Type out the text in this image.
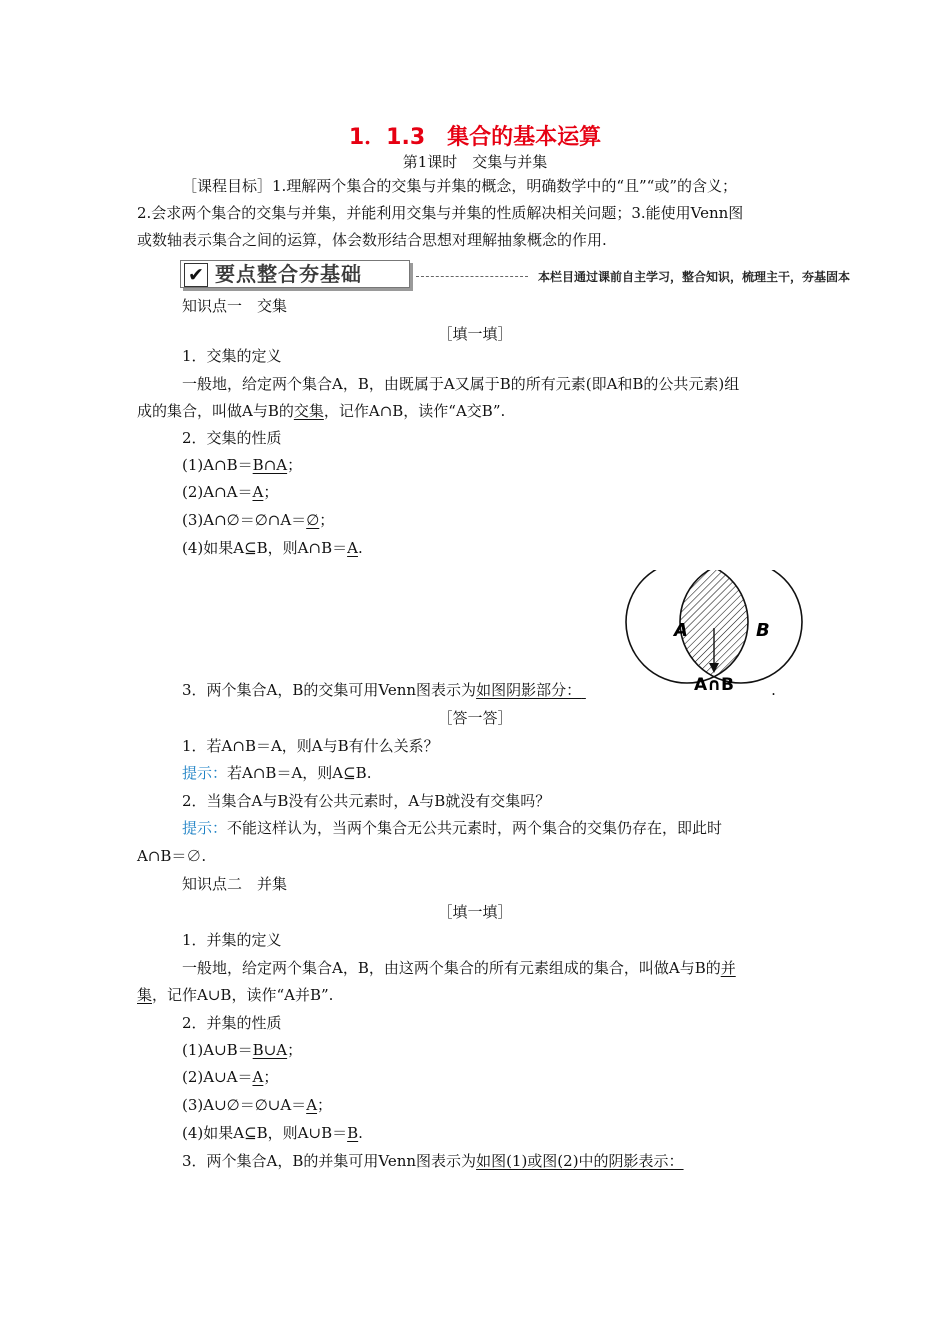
1．1.3　集合的基本运算
第1课时　交集与并集
［课程目标］1.理解两个集合的交集与并集的概念，明确数学中的“且”“或”的含义；
2.会求两个集合的交集与并集，并能利用交集与并集的性质解决相关问题；3.能使用Venn图
或数轴表示集合之间的运算，体会数形结合思想对理解抽象概念的作用.
✔ 要点整合夯基础	本栏目通过课前自主学习，整合知识，梳理主干，夯基固本
知识点一　交集
［填一填］
1．交集的定义
一般地，给定两个集合A，B，由既属于A又属于B的所有元素(即A和B的公共元素)组
成的集合，叫做A与B的交集，记作A∩B，读作“A交B”.
2．交集的性质
(1)A∩B＝B∩A；
(2)A∩A＝A；
(3)A∩∅＝∅∩A＝∅；
(4)如果A⊆B，则A∩B＝A.
A	B
A∩B
3．两个集合A，B的交集可用Venn图表示为如图阴影部分：	.
［答一答］
1．若A∩B＝A，则A与B有什么关系？
提示：若A∩B＝A，则A⊆B.
2．当集合A与B没有公共元素时，A与B就没有交集吗？
提示：不能这样认为，当两个集合无公共元素时，两个集合的交集仍存在，即此时
A∩B＝∅.
知识点二　并集
［填一填］
1．并集的定义
一般地，给定两个集合A，B，由这两个集合的所有元素组成的集合，叫做A与B的并
集，记作A∪B，读作“A并B”.
2．并集的性质
(1)A∪B＝B∪A；
(2)A∪A＝A；
(3)A∪∅＝∅∪A＝A；
(4)如果A⊆B，则A∪B＝B.
3．两个集合A，B的并集可用Venn图表示为如图(1)或图(2)中的阴影表示：
